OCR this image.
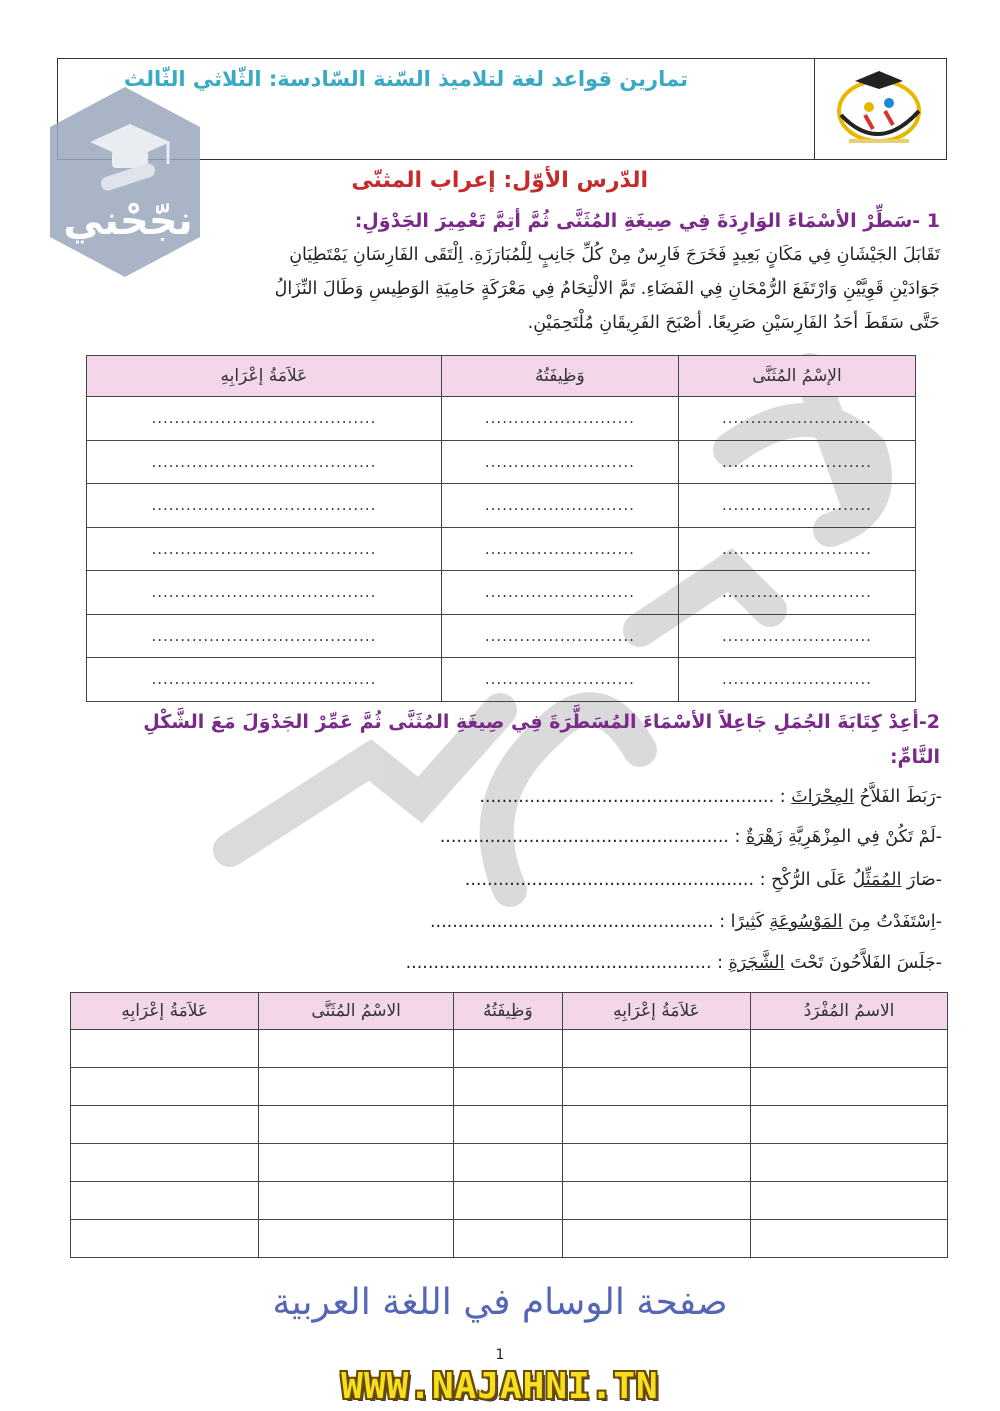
تمارين قواعد لغة لتلاميذ السّنة السّادسة: الثّلاثي الثّالث
نجّحْني
الدّرس الأوّل: إعراب المثنّى
1 -سَطِّرْ الأسْمَاءَ الوَارِدَةَ فِي صِيغَةِ المُثَنَّى ثُمَّ أتِمَّ تَعْمِيرَ الجَدْوَلِ:
تَقَابَلَ الجَيْشَانِ فِي مَكَانٍ بَعِيدٍ فَخَرَجَ فَارِسٌ مِنْ كُلِّ جَانِبٍ لِلْمُبَارَزَةِ. اِلْتَقَى الفَارِسَانِ يَمْتَطِيَانِ
جَوَادَيْنِ قَوِيَّيْنِ وَارْتَفَعَ الرُّمْحَانِ فِي الفَضَاءِ. تَمَّ الالْتِحَامُ فِي مَعْرَكَةٍ حَامِيَةِ الوَطِيسِ وَطَالَ النِّزَالُ
حَتَّى سَقَطَ أحَدُ الفَارِسَيْنِ صَرِيعًا. أصْبَحَ الفَرِيقَانِ مُلْتَحِمَيْنِ.
الإسْمُ المُثَنَّى	وَظِيفَتُهُ	عَلاَمَةُ إعْرَابِهِ
..........................	..........................	.......................................
..........................	..........................	.......................................
..........................	..........................	.......................................
..........................	..........................	.......................................
..........................	..........................	.......................................
..........................	..........................	.......................................
..........................	..........................	.......................................
2-أعِدْ كِتَابَةَ الجُمَلِ جَاعِلاً الأسْمَاءَ المُسَطَّرَةَ فِي صِيغَةِ المُثَنَّى ثُمَّ عَمِّرْ الجَدْوَلَ مَعَ الشَّكْلِ
التَّامِّ:
-رَبَطَ الفَلاَّحُ المِحْرَاثَ : .....................................................
-لَمْ تَكُنْ فِي المِزْهَرِيَّةِ زَهْرَةٌ : ....................................................
-صَارَ المُمَثِّلُ عَلَى الرُّكْحِ : ....................................................
-اِسْتَفَدْتُ مِنَ المَوْسُوعَةِ كَثِيرًا : ...................................................
-جَلَسَ الفَلاَّحُونَ تَحْتَ الشَّجَرَةِ : .......................................................
الاسمُ المُفْرَدُ	عَلاَمَةُ إعْرَابِهِ	وَظِيفَتُهُ	الاسْمُ المُثَنَّى	عَلاَمَةُ إعْرَابِهِ

صفحة الوسام في اللغة العربية
1
WWW.NAJAHNI.TN
